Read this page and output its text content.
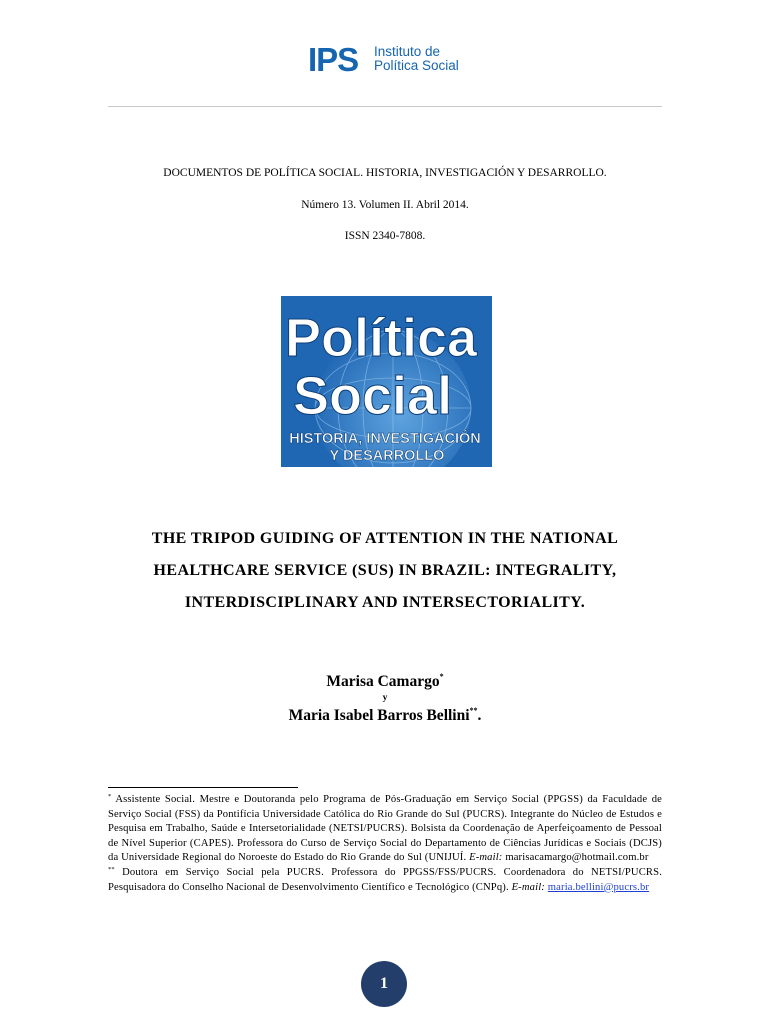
IPS Instituto de
Política Social
DOCUMENTOS DE POLÍTICA SOCIAL. HISTORIA, INVESTIGACIÓN Y DESARROLLO.
Número 13. Volumen II. Abril 2014.
ISSN 2340-7808.
Política
Social
HISTORIA, INVESTIGACIÓN
Y DESARROLLO
THE TRIPOD GUIDING OF ATTENTION IN THE NATIONAL
HEALTHCARE SERVICE (SUS) IN BRAZIL: INTEGRALITY,
INTERDISCIPLINARY AND INTERSECTORIALITY.
Marisa Camargo*
y
Maria Isabel Barros Bellini**.

* Assistente Social. Mestre e Doutoranda pelo Programa de Pós-Graduação em Serviço Social (PPGSS) da Faculdade de Serviço Social (FSS) da Pontifícia Universidade Católica do Rio Grande do Sul (PUCRS). Integrante do Núcleo de Estudos e Pesquisa em Trabalho, Saúde e Intersetorialidade (NETSI/PUCRS). Bolsista da Coordenação de Aperfeiçoamento de Pessoal de Nível Superior (CAPES). Professora do Curso de Serviço Social do Departamento de Ciências Jurídicas e Sociais (DCJS) da Universidade Regional do Noroeste do Estado do Rio Grande do Sul (UNIJUÍ. E-mail: marisacamargo@hotmail.com.br

** Doutora em Serviço Social pela PUCRS. Professora do PPGSS/FSS/PUCRS. Coordenadora do NETSI/PUCRS. Pesquisadora do Conselho Nacional de Desenvolvimento Científico e Tecnológico (CNPq). E-mail: maria.bellini@pucrs.br

1
